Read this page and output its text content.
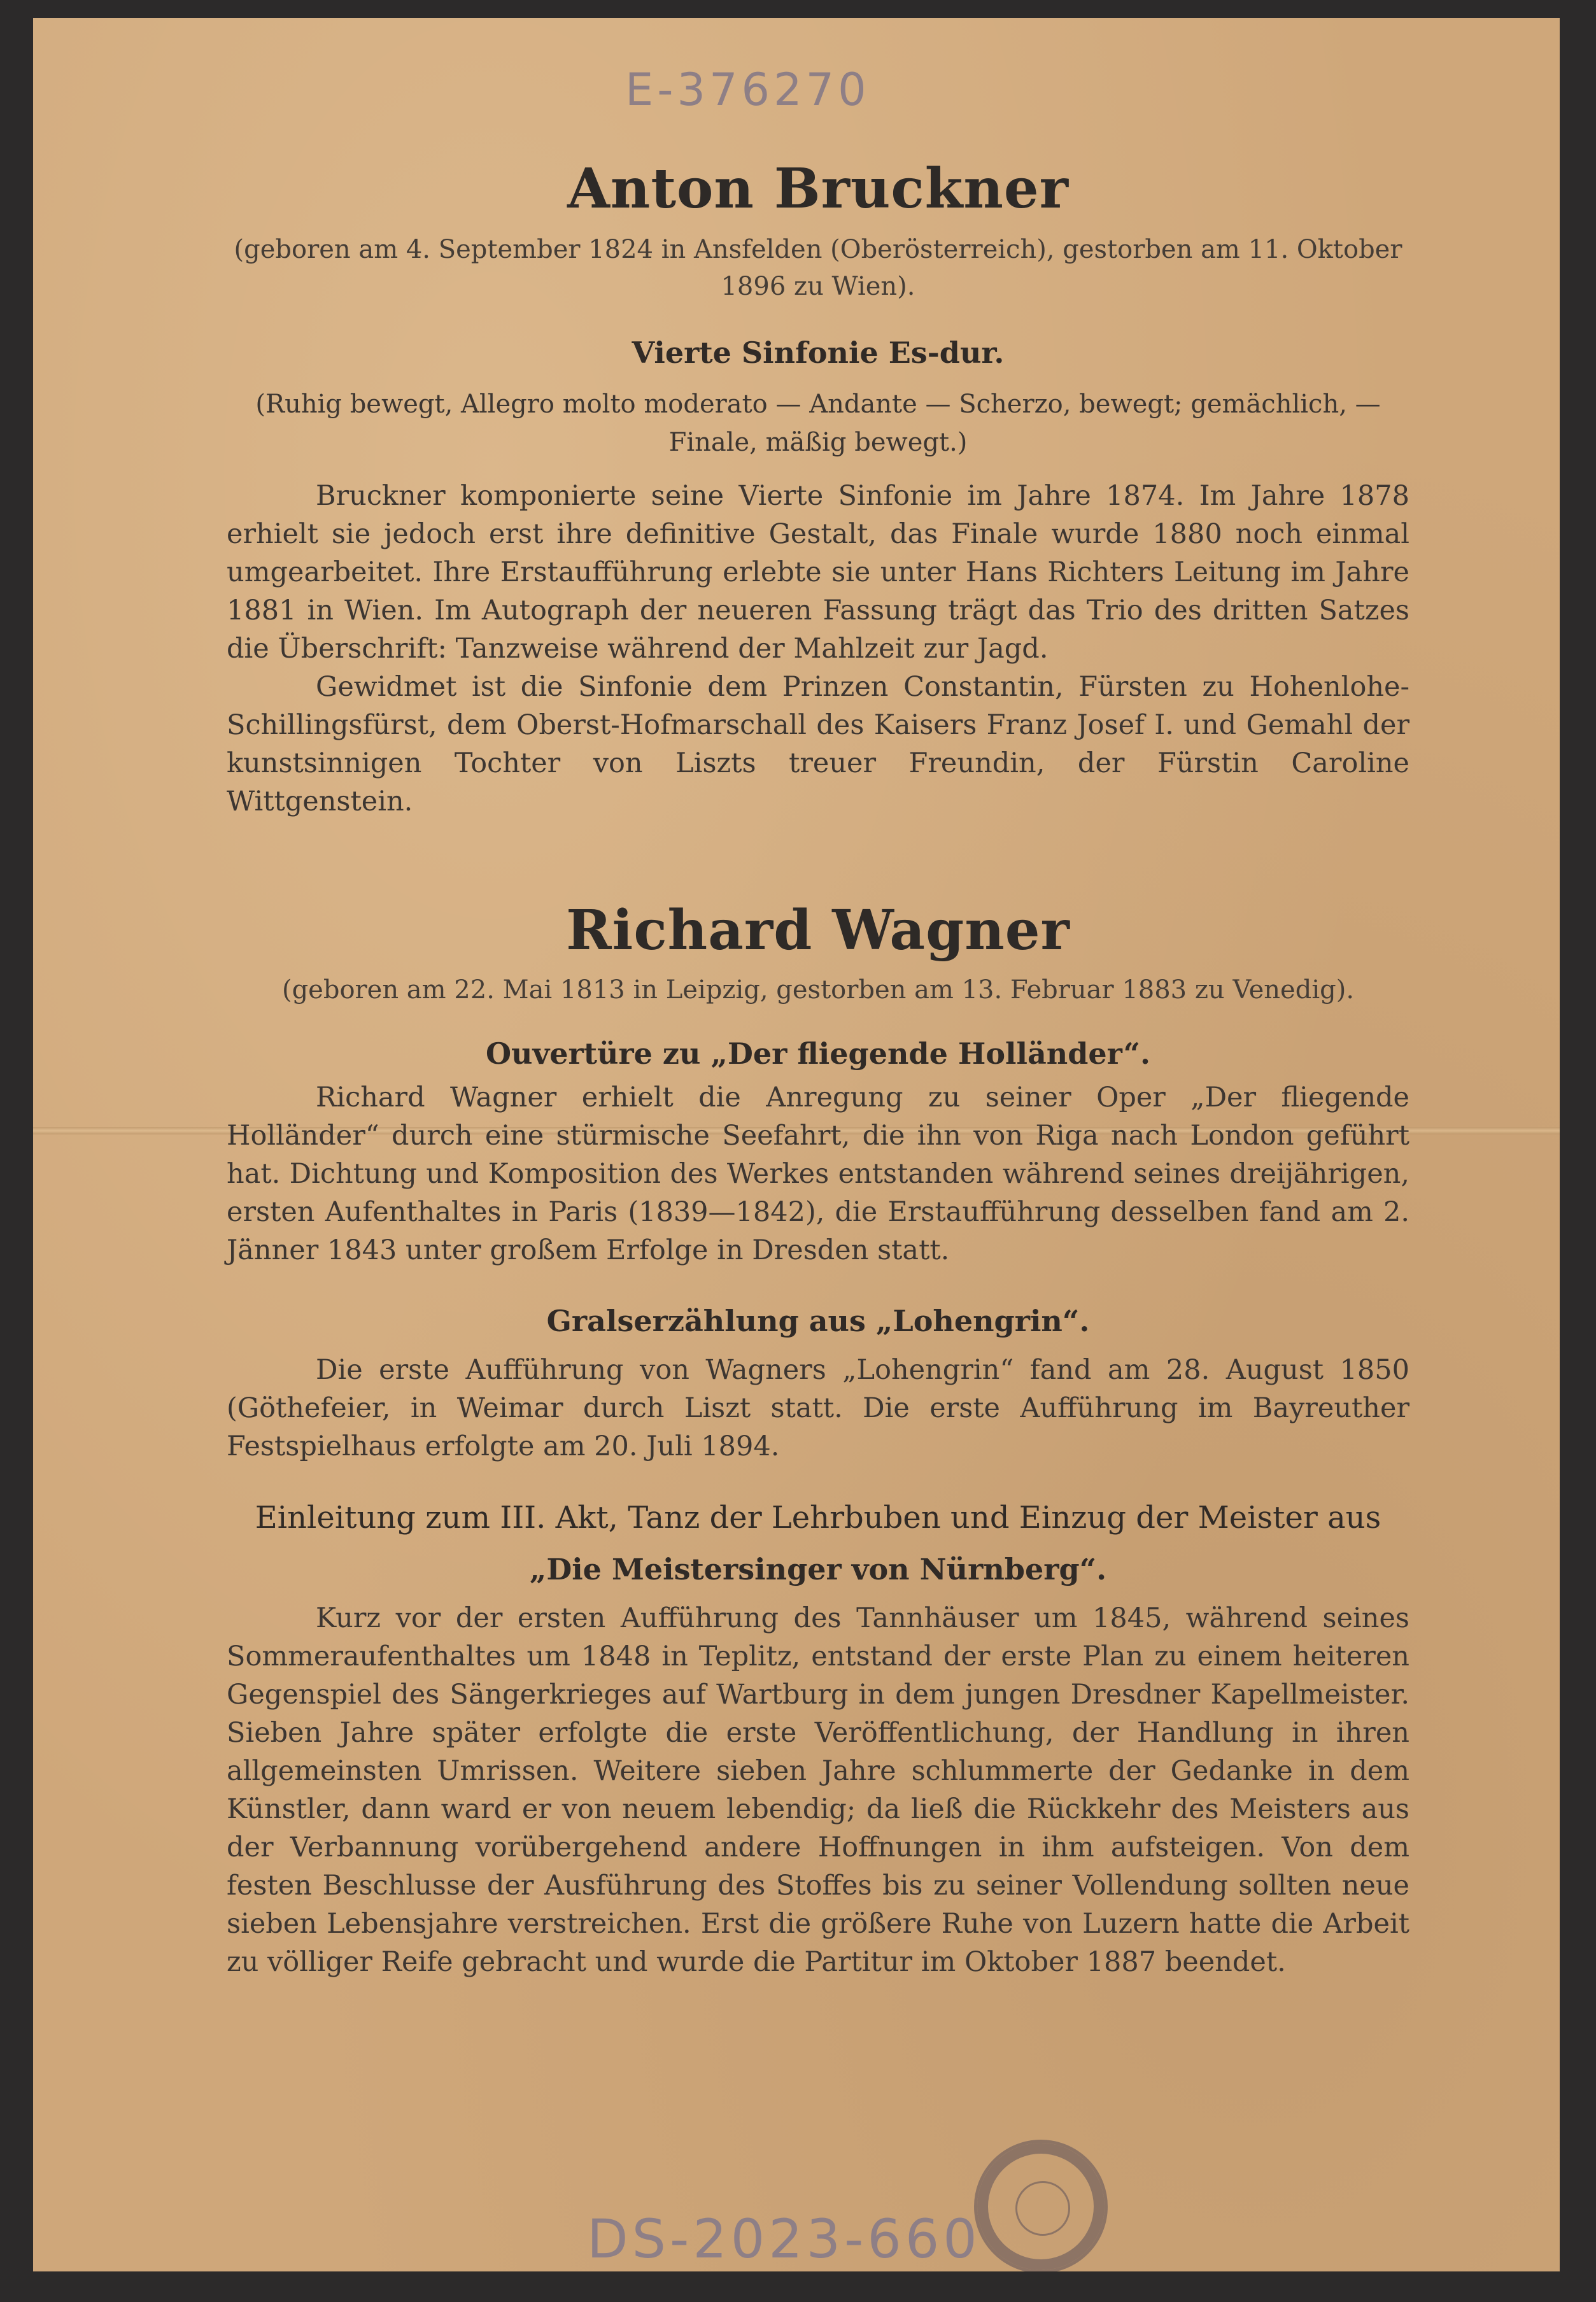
E-376270
Anton Bruckner

(geboren am 4. September 1824 in Ansfelden (Oberösterreich), gestorben am 11. Oktober 1896 zu Wien).

Vierte Sinfonie Es-dur.

(Ruhig bewegt, Allegro molto moderato — Andante — Scherzo, bewegt; gemächlich, — Finale, mäßig bewegt.)

Bruckner komponierte seine Vierte Sinfonie im Jahre 1874. Im Jahre 1878 erhielt sie jedoch erst ihre definitive Gestalt, das Finale wurde 1880 noch einmal umgearbeitet. Ihre Erstaufführung erlebte sie unter Hans Richters Leitung im Jahre 1881 in Wien. Im Autograph der neueren Fassung trägt das Trio des dritten Satzes die Überschrift: Tanzweise während der Mahlzeit zur Jagd.

Gewidmet ist die Sinfonie dem Prinzen Constantin, Fürsten zu Hohenlohe-Schillingsfürst, dem Oberst-Hofmarschall des Kaisers Franz Josef I. und Gemahl der kunstsinnigen Tochter von Liszts treuer Freundin, der Fürstin Caroline Wittgenstein.

Richard Wagner

(geboren am 22. Mai 1813 in Leipzig, gestorben am 13. Februar 1883 zu Venedig).

Ouvertüre zu „Der fliegende Holländer“.

Richard Wagner erhielt die Anregung zu seiner Oper „Der fliegende Holländer“ durch eine stürmische Seefahrt, die ihn von Riga nach London geführt hat. Dichtung und Komposition des Werkes entstanden während seines dreijährigen, ersten Aufenthaltes in Paris (1839—1842), die Erstaufführung desselben fand am 2. Jänner 1843 unter großem Erfolge in Dresden statt.

Gralserzählung aus „Lohengrin“.

Die erste Aufführung von Wagners „Lohengrin“ fand am 28. August 1850 (Göthefeier, in Weimar durch Liszt statt. Die erste Aufführung im Bayreuther Festspielhaus erfolgte am 20. Juli 1894.

Einleitung zum III. Akt, Tanz der Lehrbuben und Einzug der Meister aus

„Die Meistersinger von Nürnberg“.

Kurz vor der ersten Aufführung des Tannhäuser um 1845, während seines Sommeraufenthaltes um 1848 in Teplitz, entstand der erste Plan zu einem heiteren Gegenspiel des Sängerkrieges auf Wartburg in dem jungen Dresdner Kapellmeister. Sieben Jahre später erfolgte die erste Veröffentlichung, der Handlung in ihren allgemeinsten Umrissen. Weitere sieben Jahre schlummerte der Gedanke in dem Künstler, dann ward er von neuem lebendig; da ließ die Rückkehr des Meisters aus der Verbannung vorübergehend andere Hoffnungen in ihm aufsteigen. Von dem festen Beschlusse der Ausführung des Stoffes bis zu seiner Vollendung sollten neue sieben Lebensjahre verstreichen. Erst die größere Ruhe von Luzern hatte die Arbeit zu völliger Reife gebracht und wurde die Partitur im Oktober 1887 beendet.

DS-2023-660
